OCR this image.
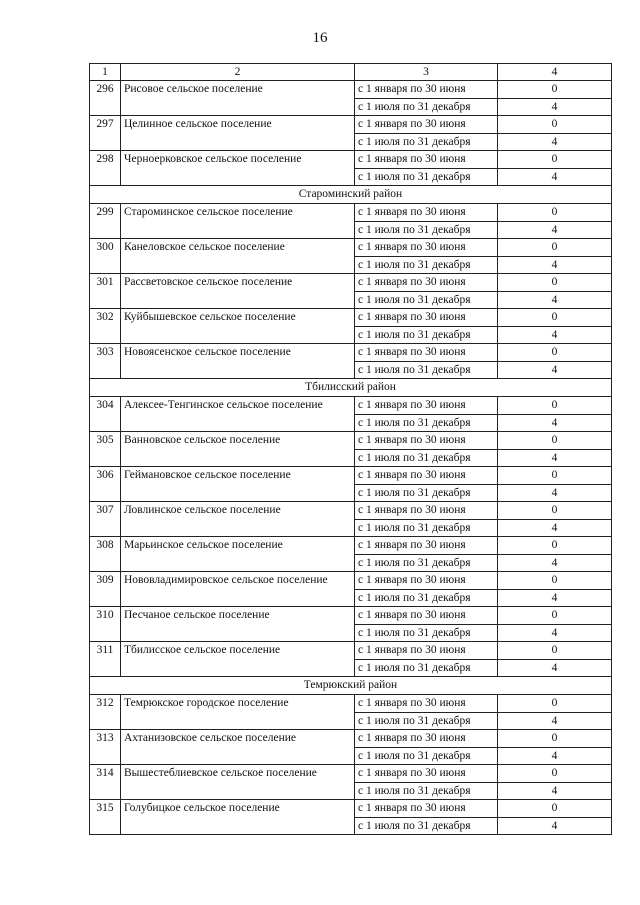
16
1	2	3	4
296	Рисовое сельское поселение	с 1 января по 30 июня	0
		с 1 июля по 31 декабря	4
297	Целинное сельское поселение	с 1 января по 30 июня	0
		с 1 июля по 31 декабря	4
298	Черноерковское сельское поселение	с 1 января по 30 июня	0
		с 1 июля по 31 декабря	4
Староминский район			
299	Староминское сельское поселение	с 1 января по 30 июня	0
		с 1 июля по 31 декабря	4
300	Канеловское сельское поселение	с 1 января по 30 июня	0
		с 1 июля по 31 декабря	4
301	Рассветовское сельское поселение	с 1 января по 30 июня	0
		с 1 июля по 31 декабря	4
302	Куйбышевское сельское поселение	с 1 января по 30 июня	0
		с 1 июля по 31 декабря	4
303	Новоясенское сельское поселение	с 1 января по 30 июня	0
		с 1 июля по 31 декабря	4
Тбилисский район			
304	Алексее-Тенгинское сельское поселение	с 1 января по 30 июня	0
		с 1 июля по 31 декабря	4
305	Ванновское сельское поселение	с 1 января по 30 июня	0
		с 1 июля по 31 декабря	4
306	Геймановское сельское поселение	с 1 января по 30 июня	0
		с 1 июля по 31 декабря	4
307	Ловлинское сельское поселение	с 1 января по 30 июня	0
		с 1 июля по 31 декабря	4
308	Марьинское сельское поселение	с 1 января по 30 июня	0
		с 1 июля по 31 декабря	4
309	Нововладимировское сельское поселение	с 1 января по 30 июня	0
		с 1 июля по 31 декабря	4
310	Песчаное сельское поселение	с 1 января по 30 июня	0
		с 1 июля по 31 декабря	4
311	Тбилисское сельское поселение	с 1 января по 30 июня	0
		с 1 июля по 31 декабря	4
Темрюкский район			
312	Темрюкское городское поселение	с 1 января по 30 июня	0
		с 1 июля по 31 декабря	4
313	Ахтанизовское сельское поселение	с 1 января по 30 июня	0
		с 1 июля по 31 декабря	4
314	Вышестеблиевское сельское поселение	с 1 января по 30 июня	0
		с 1 июля по 31 декабря	4
315	Голубицкое сельское поселение	с 1 января по 30 июня	0
		с 1 июля по 31 декабря	4
